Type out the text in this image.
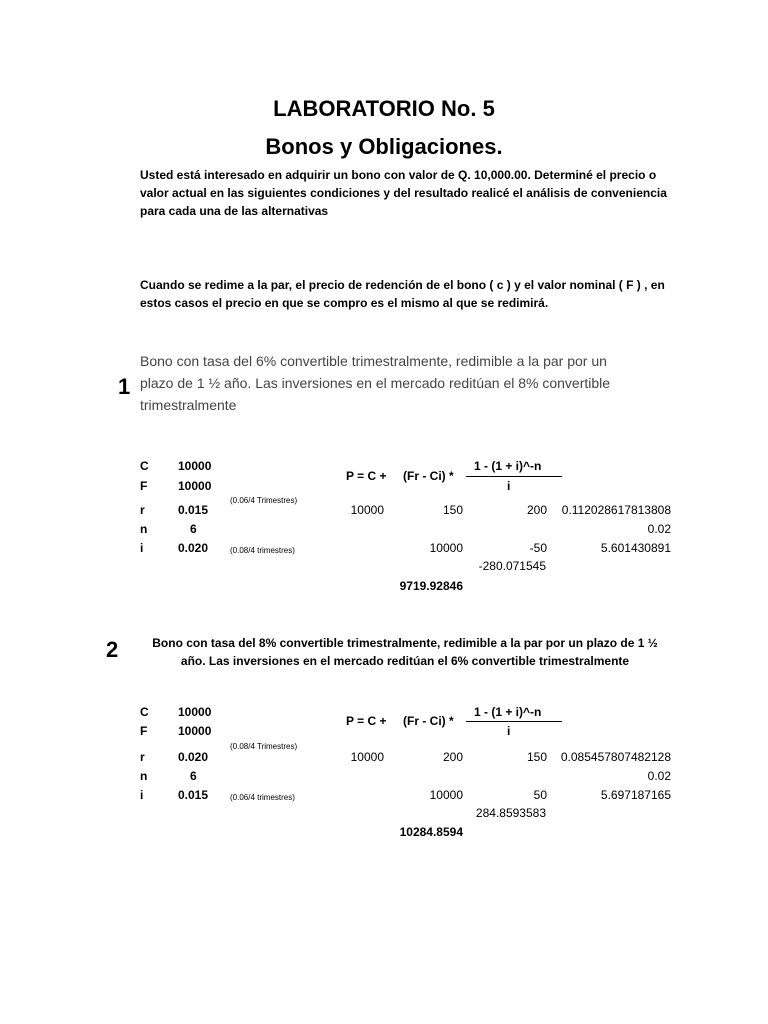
LABORATORIO No. 5
Bonos y Obligaciones.
Usted está interesado en adquirir un bono con valor de Q. 10,000.00. Determiné el precio o valor actual en las siguientes condiciones y del resultado realicé el análisis de conveniencia para cada una de las alternativas
Cuando se redime a la par, el precio de redención de el bono ( c ) y el valor nominal ( F ) , en estos casos el precio en que se compro es el mismo al que se redimirá.
1
Bono con tasa del 6% convertible trimestralmente, redimible a la par por un plazo de 1 ½ año. Las inversiones en el mercado reditúan el 8% convertible trimestralmente
C 10000
F	10000
r	0.015
n	6
i	0.020
(0.06/4 Trimestres)
(0.08/4 trimestres)
P = C + (Fr - Ci) *
1 - (1 + i)^-n
i
10000	150	200	0.112028617813808
0.02
10000	-50	5.601430891
-280.071545
9719.92846
2	Bono con tasa del 8% convertible trimestralmente, redimible a la par por un plazo de 1 ½ año. Las inversiones en el mercado reditúan el 6% convertible trimestralmente
C 10000
F	10000
r	0.020
n	6
i	0.015
(0.08/4 Trimestres)
(0.06/4 trimestres)
P = C + (Fr - Ci) *
1 - (1 + i)^-n
i
10000	200	150	0.085457807482128
0.02
10000	50	5.697187165
284.8593583
10284.8594
